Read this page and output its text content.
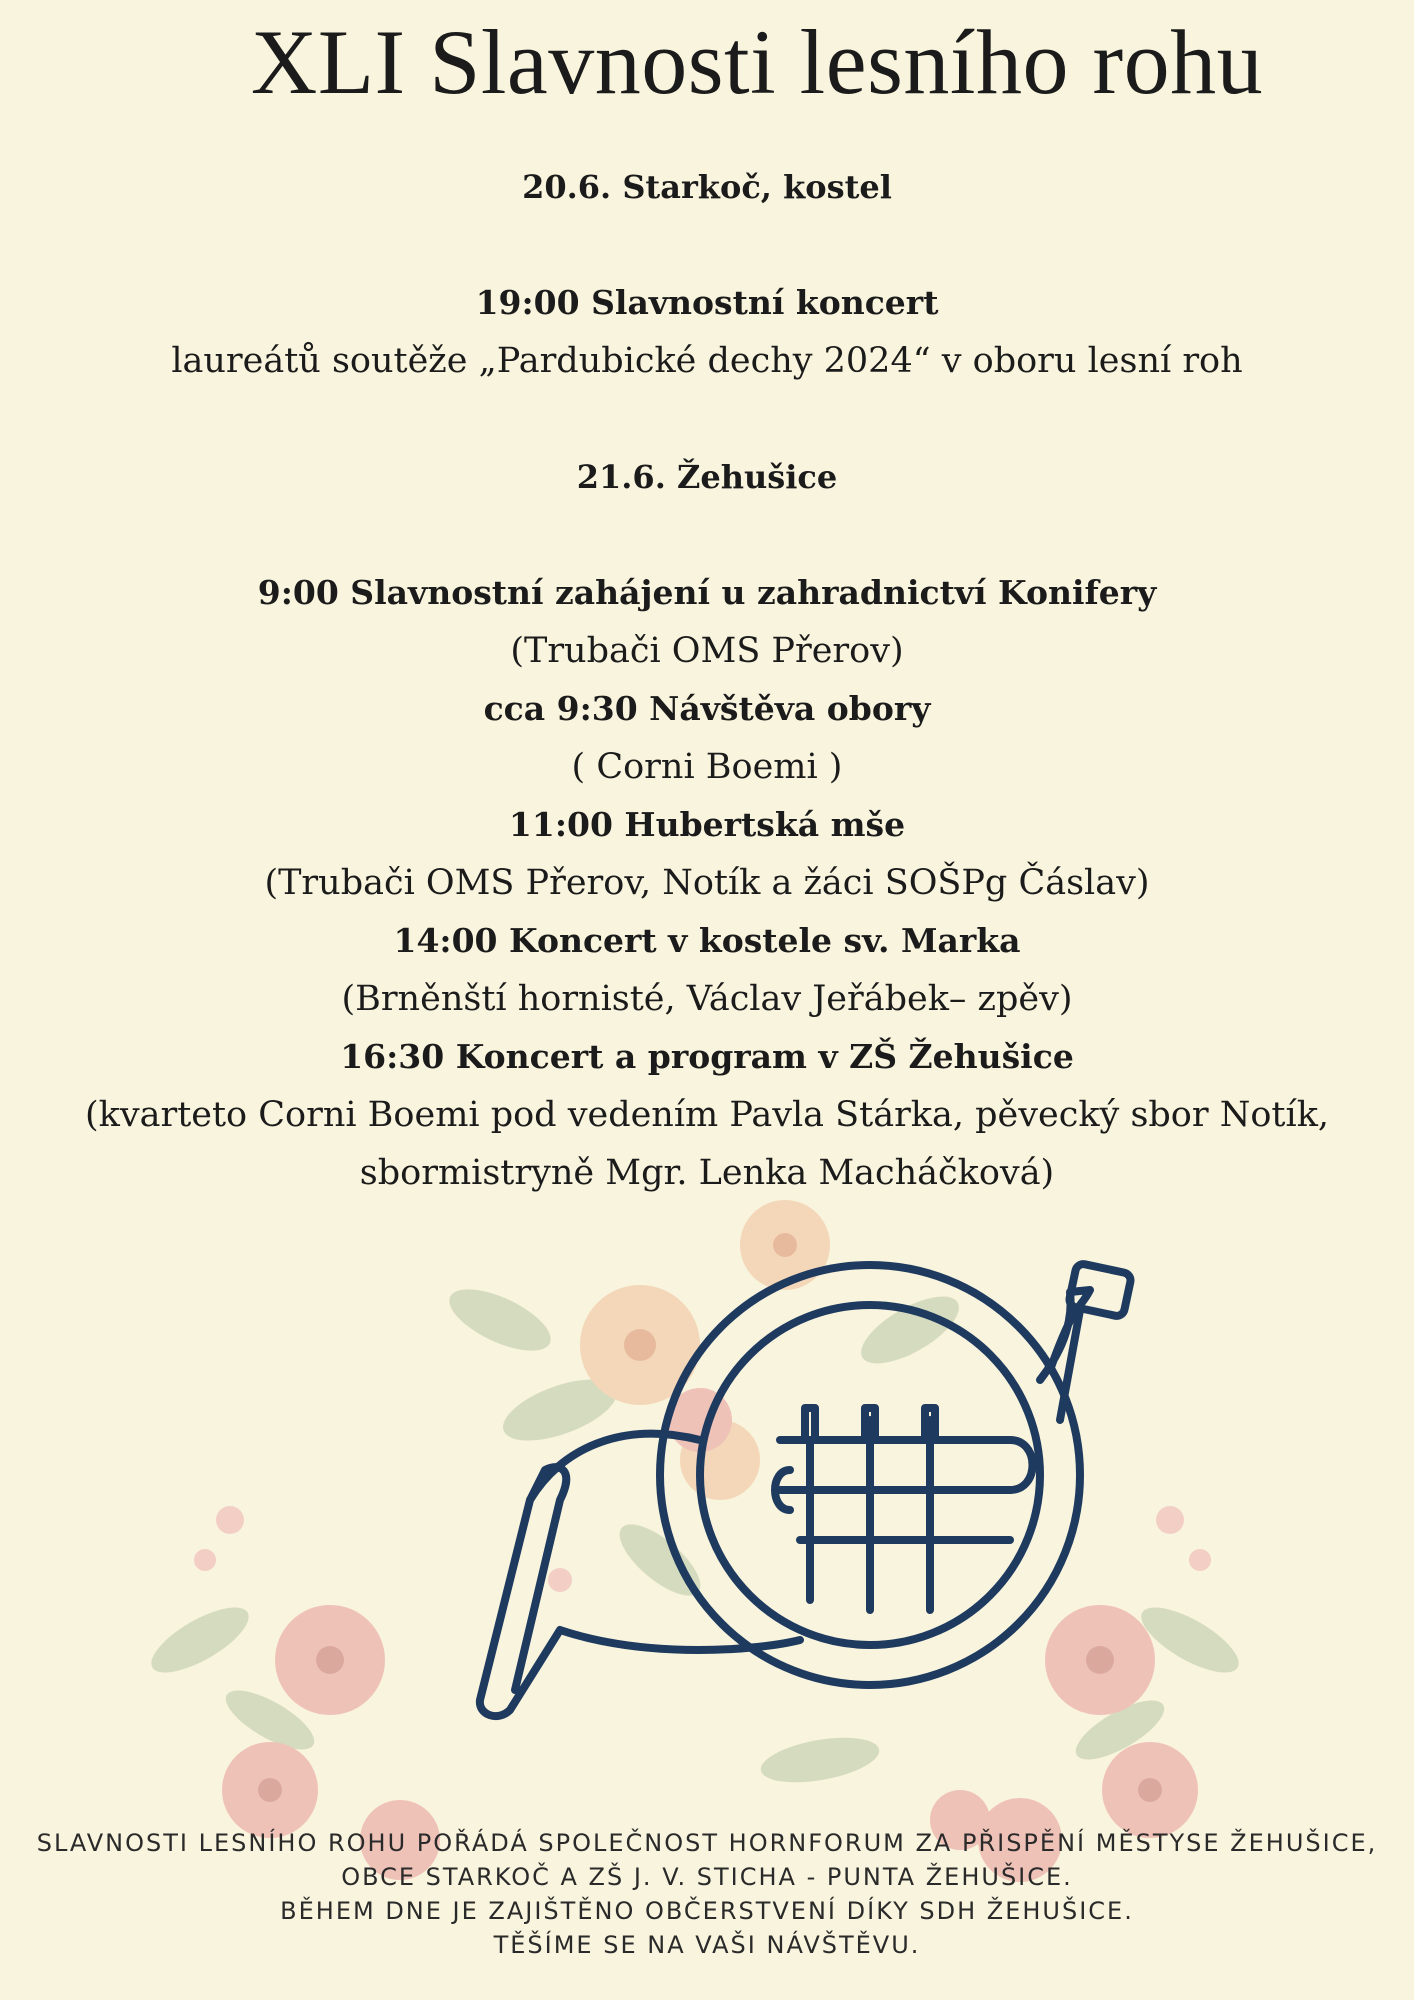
XLI Slavnosti lesního rohu
20.6. Starkoč, kostel
19:00 Slavnostní koncert
laureátů soutěže „Pardubické dechy 2024“ v oboru lesní roh
21.6. Žehušice
9:00 Slavnostní zahájení u zahradnictví Konifery
(Trubači OMS Přerov)
cca 9:30 Návštěva obory
( Corni Boemi )
11:00 Hubertská mše
(Trubači OMS Přerov, Notík a žáci SOŠPg Čáslav)
14:00 Koncert v kostele sv. Marka
(Brněnští hornisté, Václav Jeřábek– zpěv)
16:30 Koncert a program v ZŠ Žehušice
(kvarteto Corni Boemi pod vedením Pavla Stárka, pěvecký sbor Notík,
sbormistryně Mgr. Lenka Macháčková)
SLAVNOSTI LESNÍHO ROHU POŘÁDÁ SPOLEČNOST HORNFORUM ZA PŘISPĚNÍ MĚSTYSE ŽEHUŠICE,
OBCE STARKOČ A ZŠ J. V. STICHA - PUNTA ŽEHUŠICE.
BĚHEM DNE JE ZAJIŠTĚNO OBČERSTVENÍ DÍKY SDH ŽEHUŠICE.
TĚŠÍME SE NA VAŠI NÁVŠTĚVU.
